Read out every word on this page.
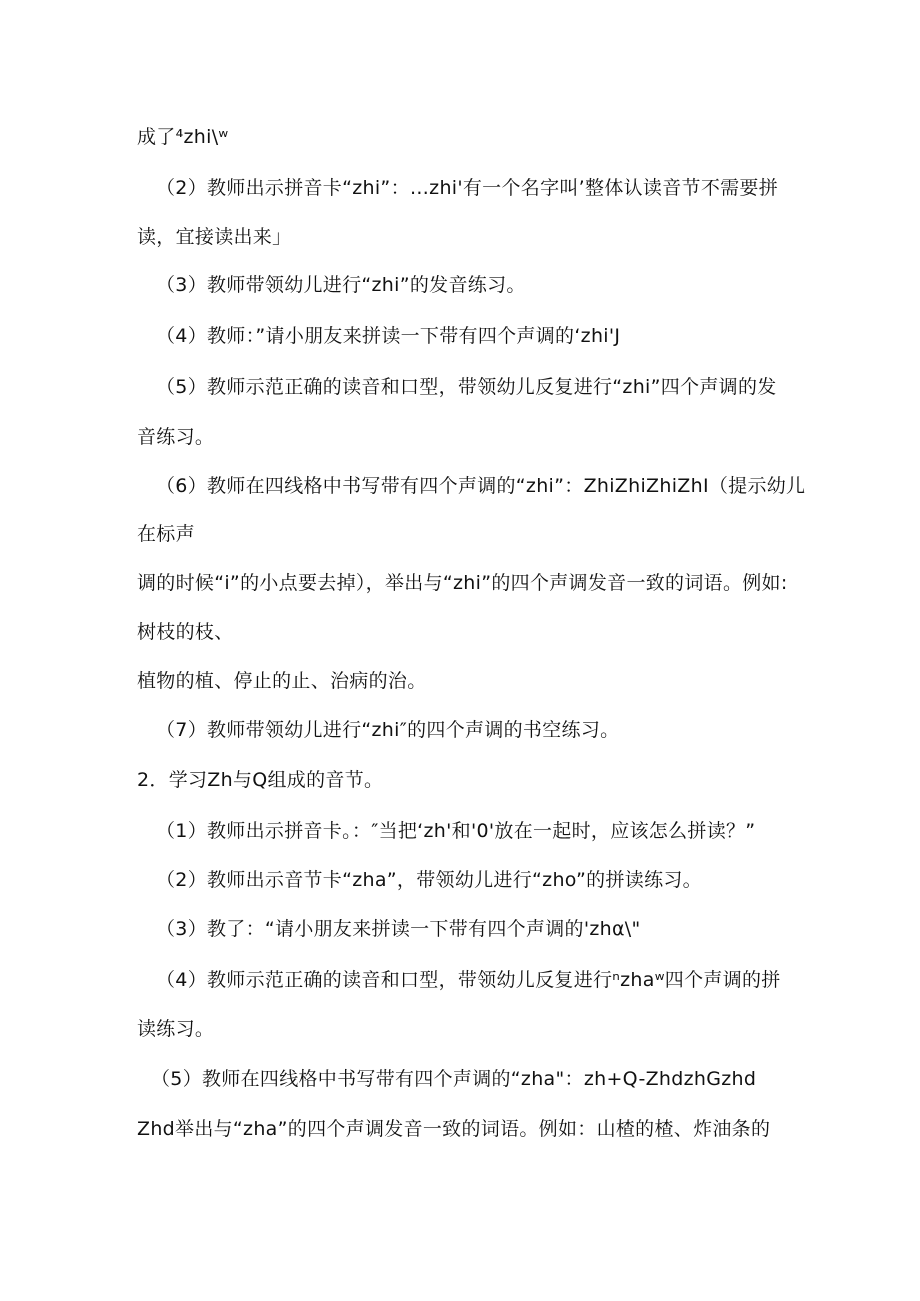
成了⁴zhi\ʷ
（2）教师出示拼音卡“zhi”：…zhi'有一个名字叫’整体认读音节不需要拼
读，宜接读出来」
（3）教师带领幼儿进行“zhi”的发音练习。
（4）教师：”请小朋友来拼读一下带有四个声调的‘zhi'J
（5）教师示范正确的读音和口型，带领幼儿反复进行“zhi”四个声调的发
音练习。
（6）教师在四线格中书写带有四个声调的“zhi”：ZhiZhiZhiZhI（提示幼儿
在标声
调的时候“i”的小点要去掉），举出与“zhi”的四个声调发音一致的词语。例如:
树枝的枝、
植物的植、停止的止、治病的治。
（7）教师带领幼儿进行“zhi″的四个声调的书空练习。
2．学习Zh与Q组成的音节。
（1）教师出示拼音卡。：″当把‘zh'和'0'放在一起时，应该怎么拼读？”
（2）教师出示音节卡“zha”，带领幼儿进行“zho”的拼读练习。
（3）教了：“请小朋友来拼读一下带有四个声调的'zhα\"
（4）教师示范正确的读音和口型，带领幼儿反复进行ⁿzhaʷ四个声调的拼
读练习。
（5）教师在四线格中书写带有四个声调的“zha"：zh+Q-ZhdzhGzhd
Zhd举出与“zha”的四个声调发音一致的词语。例如：山楂的楂、炸油条的
